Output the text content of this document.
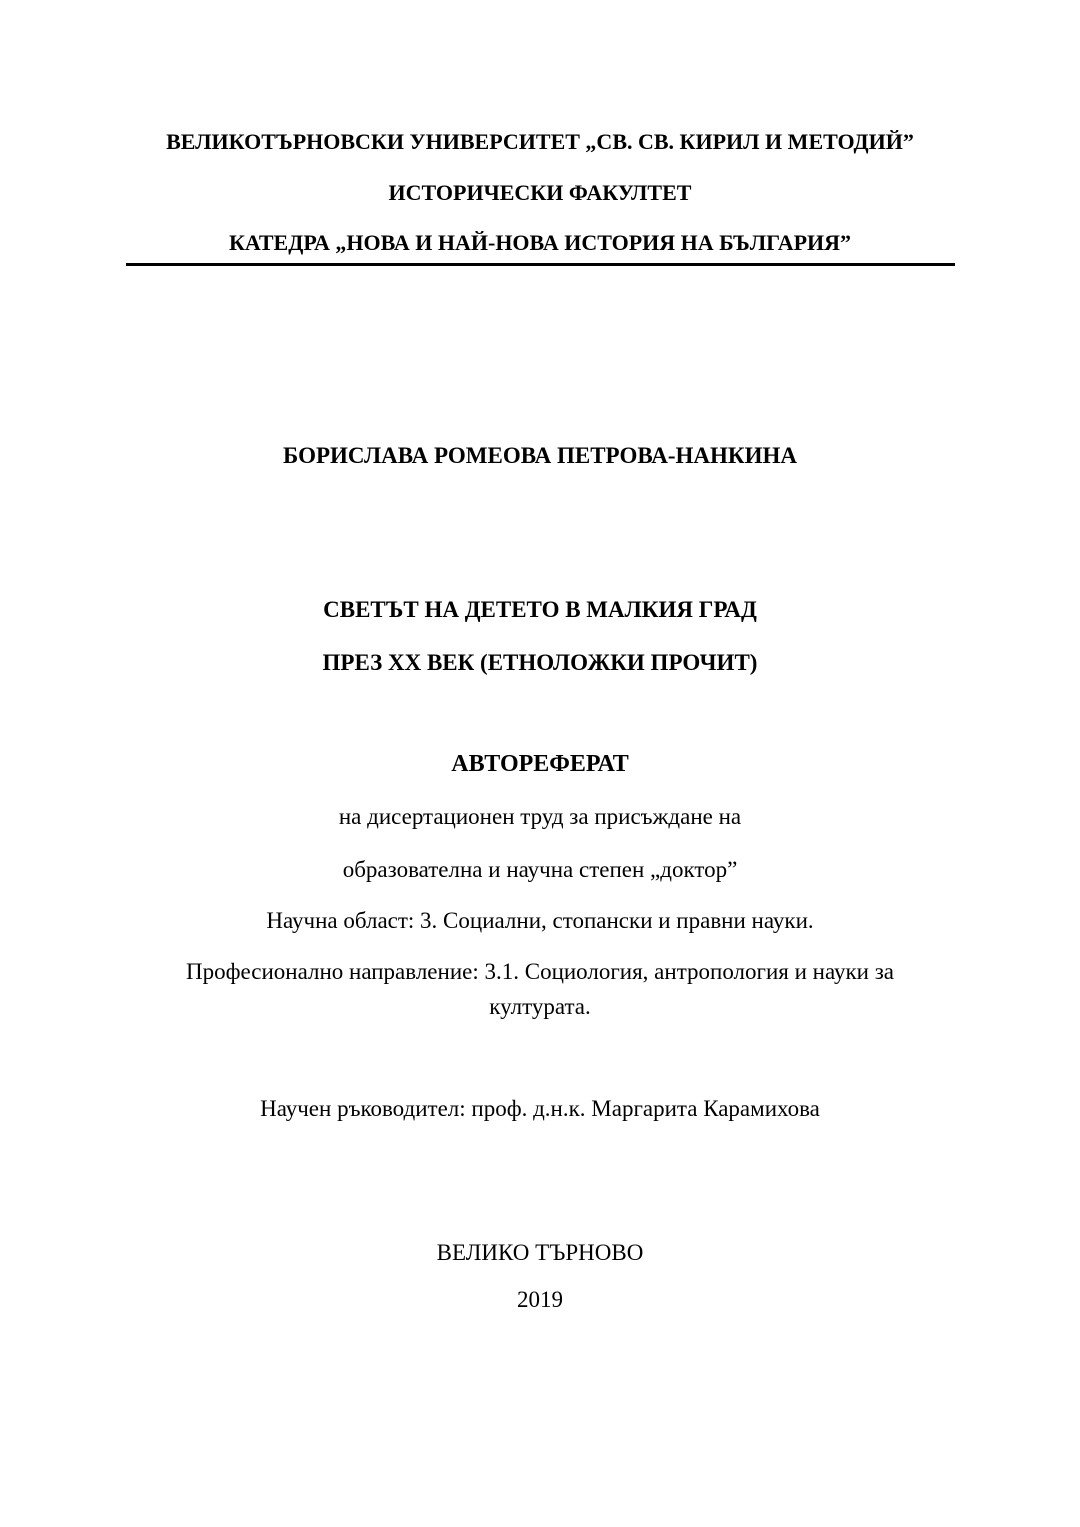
ВЕЛИКОТЪРНОВСКИ УНИВЕРСИТЕТ „СВ. СВ. КИРИЛ И МЕТОДИЙ”
ИСТОРИЧЕСКИ ФАКУЛТЕТ
КАТЕДРА „НОВА И НАЙ-НОВА ИСТОРИЯ НА БЪЛГАРИЯ”
БОРИСЛАВА РОМЕОВА ПЕТРОВА-НАНКИНА
СВЕТЪТ НА ДЕТЕТО В МАЛКИЯ ГРАД
ПРЕЗ XX ВЕК (ЕТНОЛОЖКИ ПРОЧИТ)
АВТОРЕФЕРАТ
на дисертационен труд за присъждане на
образователна и научна степен „доктор”
Научна област: 3. Социални, стопански и правни науки.
Професионално направление: 3.1. Социология, антропология и науки за
културата.
Научен ръководител: проф. д.н.к. Маргарита Карамихова
ВЕЛИКО ТЪРНОВО
2019
